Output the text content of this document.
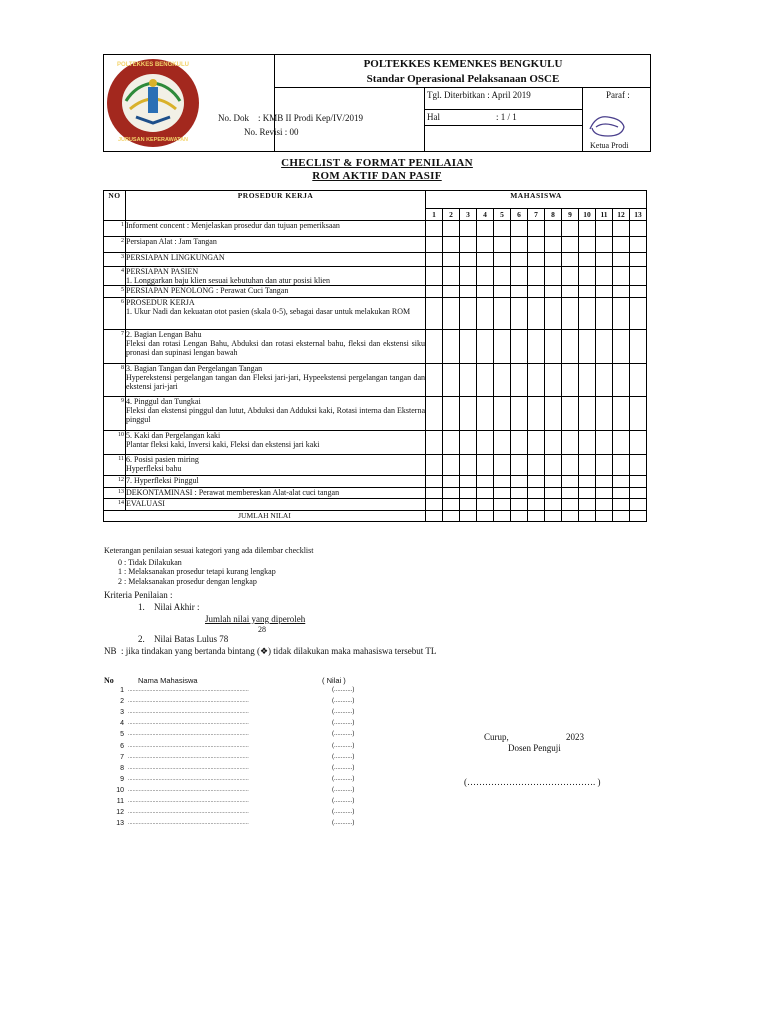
POLTEKKES BENGKULU
JURUSAN KEPERAWATAN
POLTEKKES KEMENKES BENGKULU
Standar Operasional Pelaksanaan OSCE
No. Dok    : KMB II Prodi Kep/IV/2019
No. Revisi : 00
Tgl. Diterbitkan : April 2019
Hal	: 1 / 1
Paraf :
Ketua Prodi
CHECLIST & FORMAT PENILAIAN
ROM AKTIF DAN PASIF
NO	PROSEDUR KERJA	MAHASISWA												
		1	2	3	4	5	6	7	8	9	10	11	12	13
1	Informent concent : Menjelaskan prosedur dan tujuan pemeriksaan													

2	Persiapan Alat : Jam Tangan													

3	PERSIAPAN LINGKUNGAN													

4	PERSIAPAN PASIEN
1. Longgarkan baju klien sesuai kebutuhan dan atur posisi klien													

5	PERSIAPAN PENOLONG : Perawat Cuci Tangan													

6	PROSEDUR KERJA
1. Ukur Nadi dan kekuatan otot pasien (skala 0-5), sebagai dasar untuk melakukan ROM													

7	2. Bagian Lengan Bahu
Fleksi dan rotasi Lengan Bahu, Abduksi dan rotasi eksternal bahu, fleksi dan ekstensi siku pronasi dan supinasi lengan bawah													

8	3. Bagian Tangan dan Pergelangan Tangan
Hyperekstensi pergelangan tangan dan Fleksi jari-jari, Hypeekstensi pergelangan tangan dan ekstensi jari-jari													

9	4. Pinggul dan Tungkai
Fleksi dan ekstensi pinggul dan lutut, Abduksi dan Adduksi kaki, Rotasi interna dan Eksterna pinggul													

10	5. Kaki dan Pergelangan kaki
Plantar fleksi kaki, Inversi kaki, Fleksi dan ekstensi jari kaki													

11	6. Posisi pasien miring
Hyperfleksi bahu													

12	7. Hyperfleksi Pinggul													

13	DEKONTAMINASI : Perawat membereskan Alat-alat cuci tangan													

14	EVALUASI													

JUMLAH NILAI														
Keterangan penilaian sesuai kategori yang ada dilembar checklist
0 : Tidak Dilakukan
1 : Melaksanakan prosedur tetapi kurang lengkap
2 : Melaksanakan prosedur dengan lengkap
Kriteria Penilaian :
1. Nilai Akhir :
Jumlah nilai yang diperoleh
28
2. Nilai Batas Lulus 78
NB  : jika tindakan yang bertanda bintang (❖) tidak dilakukan maka mahasiswa tersebut TL
No	Nama Mahasiswa	( Nilai )
1 ...............................................................................	(...........)
2 ...............................................................................	(...........)
3 ...............................................................................	(...........)
4 ...............................................................................	(...........)
5 ...............................................................................	(...........)
6 ...............................................................................	(...........)
7 ...............................................................................	(...........)
8 ...............................................................................	(...........)
9 ...............................................................................	(...........)
10 ...............................................................................	(...........)
11 ...............................................................................	(...........)
12 ...............................................................................	(...........)
13 ...............................................................................	(...........)
Curup,	2023
Dosen Penguji
(……………………………………. )
